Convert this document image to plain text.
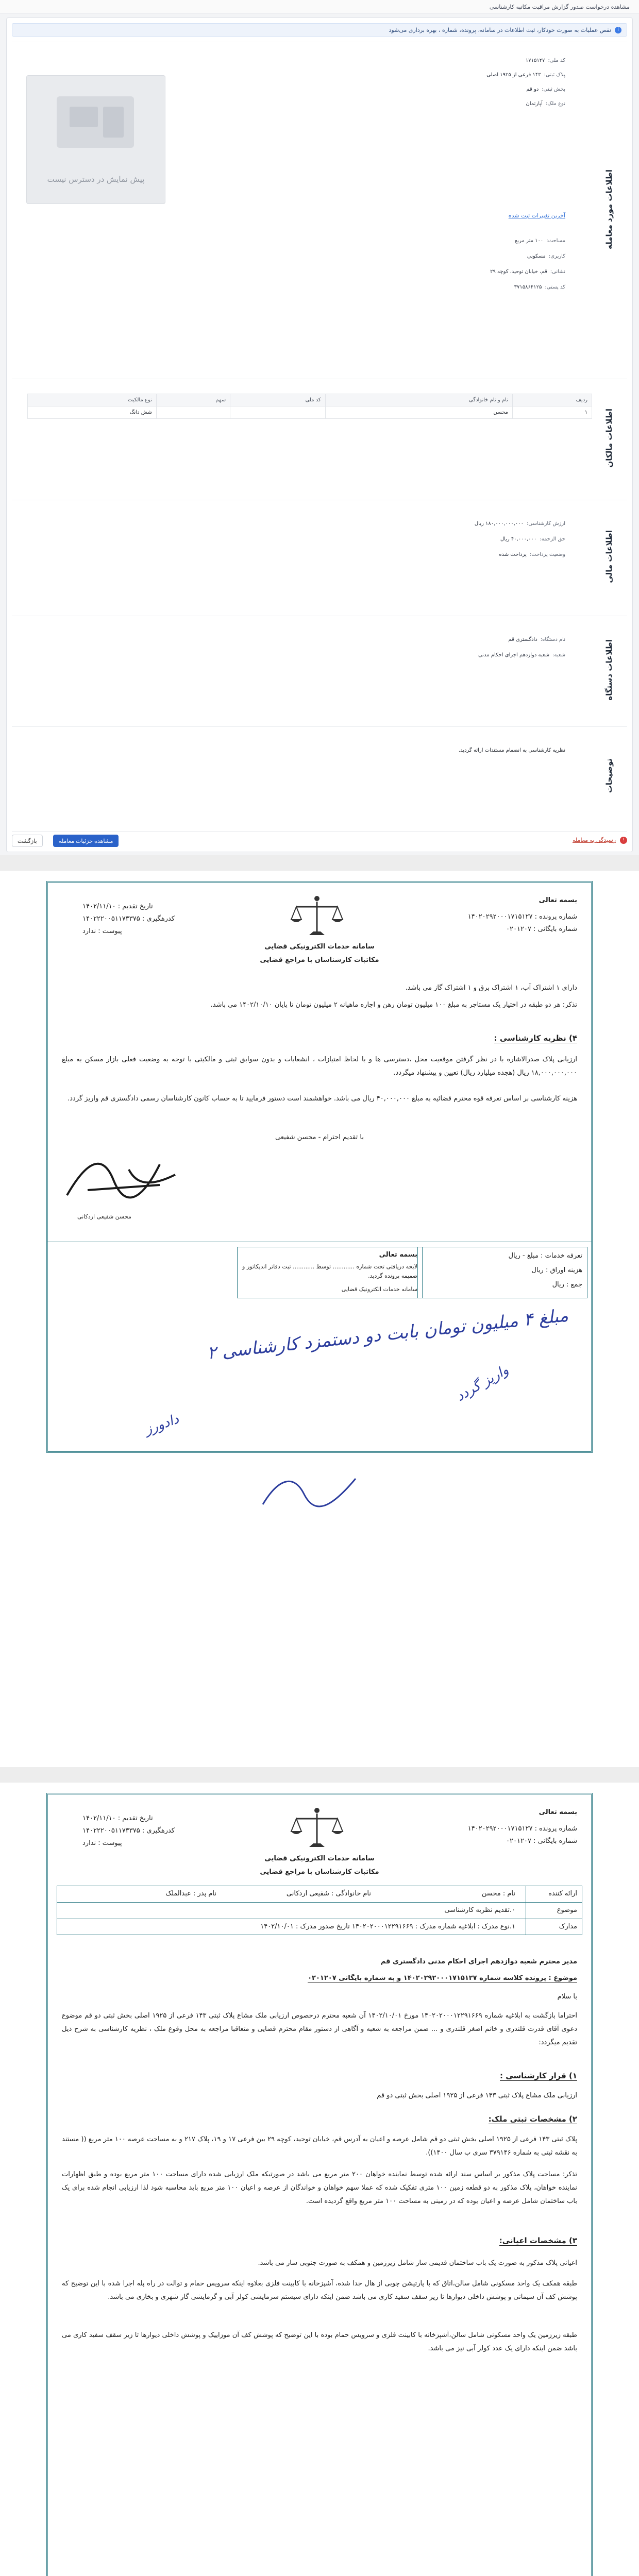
مشاهده درخواست صدور گزارش مراقبت مکاتبه کارشناسی
i
نقص عملیات به صورت خودکار، ثبت اطلاعات در سامانه، پرونده، شماره ، بهره برداری می‌شود
اطلاعات مورد معامله
کد ملی:۱۷۱۵۱۲۷
پلاک ثبتی:۱۴۳ فرعی از ۱۹۲۵ اصلی
بخش ثبتی:دو قم
نوع ملک:آپارتمان
پیش نمایش در دسترس نیست
آخرین تغییرات ثبت شده
مساحت:۱۰۰ متر مربع
کاربری:مسکونی
نشانی:قم، خیابان توحید، کوچه ۲۹
کد پستی:۳۷۱۵۸۶۴۱۲۵
اطلاعات مالکان
ردیف	نام و نام خانوادگی	کد ملی	سهم	نوع مالکیت
۱	محسن			شش دانگ
اطلاعات مالی
ارزش کارشناسی:۱۸۰,۰۰۰,۰۰۰,۰۰۰ ریال
حق الزحمه:۴۰,۰۰۰,۰۰۰ ریال
وضعیت پرداخت:پرداخت شده
اطلاعات دستگاه
نام دستگاه:دادگستری قم
شعبه:شعبه دوازدهم اجرای احکام مدنی
توضیحات
نظریه کارشناسی به انضمام مستندات ارائه گردید.
!
رسیدگی به معامله
مشاهده جزئیات معامله
بازگشت
بسمه تعالی
شماره پرونده : ۱۴۰۲۰۲۹۲۰۰۰۱۷۱۵۱۲۷
شماره بایگانی : ۰۲۰۱۲۰۷
سامانه خدمات الکترونیکی قضایی
مکاتبات کارشناسان با مراجع قضایی
تاریخ تقدیم : ۱۴۰۲/۱۱/۱۰
کدرهگیری : ۱۴۰۲۲۲۰۰۵۱۱۷۳۳۷۵
پیوست : ندارد
دارای ۱ اشتراک آب، ۱ اشتراک برق و ۱ اشتراک گاز می باشد.
تذکر: هر دو طبقه در اختیار یک مستاجر به مبلغ ۱۰۰ میلیون تومان رهن و اجاره ماهیانه ۲ میلیون تومان تا پایان ۱۴۰۲/۱۰/۱۰ می باشد.
۴) نظریه کارشناسی :
ارزیابی پلاک صدرالاشاره با در نظر گرفتن موقعیت محل ،دسترسی ها و با لحاظ امتیازات ، انشعابات و بدون سوابق ثبتی و مالکیتی با توجه به وضعیت فعلی بازار مسکن به مبلغ ۱۸,۰۰۰,۰۰۰,۰۰۰ ریال (هجده میلیارد ریال) تعیین و پیشنهاد میگردد.
هزینه کارشناسی بر اساس تعرفه قوه محترم قضائیه به مبلغ ۴۰,۰۰۰,۰۰۰ ریال می باشد. خواهشمند است دستور فرمایید تا به حساب کانون کارشناسان رسمی دادگستری قم واریز گردد.
با تقدیم احترام - محسن شفیعی
محسن شفیعی اردکانی
تعرفه خدمات : مبلغ - ریال
هزینه اوراق : ریال
جمع : ریال
بسمه تعالی
لایحه دریافتی تحت شماره ............ توسط ............ ثبت دفاتر اندیکاتور و ضمیمه پرونده گردید.
سامانه خدمات الکترونیک قضایی
مبلغ ۴ میلیون تومان بابت دو دستمزد کارشناسی ۲
واریز گردد
دادورز
بسمه تعالی
شماره پرونده : ۱۴۰۲۰۲۹۲۰۰۰۱۷۱۵۱۲۷
شماره بایگانی : ۰۲۰۱۲۰۷
سامانه خدمات الکترونیکی قضایی
مکاتبات کارشناسان با مراجع قضایی
تاریخ تقدیم : ۱۴۰۲/۱۱/۱۰
کدرهگیری : ۱۴۰۲۲۲۰۰۵۱۱۷۳۳۷۵
پیوست : ندارد
ارائه کننده
نام : محسن
نام خانوادگی : شفیعی اردکانی
نام پدر : عبدالملک
موضوع
۰.تقدیم نظریه کارشناسی
مدارک
۱.نوع مدرک : ابلاغیه شماره مدرک : ۱۴۰۲۰۲۰۰۰۱۲۲۹۱۶۶۹ تاریخ صدور مدرک : ۱۴۰۲/۱۰/۰۱
مدیر محترم شعبه دوازدهم اجرای احکام مدنی دادگستری قم
موضوع : پرونده کلاسه شماره ۱۴۰۲۰۲۹۲۰۰۰۱۷۱۵۱۲۷ و به شماره بایگانی ۰۲۰۱۲۰۷
با سلام
احتراما بازگشت به ابلاغیه شماره ۱۴۰۲۰۲۰۰۰۱۲۲۹۱۶۶۹ مورخ ۱۴۰۲/۱۰/۰۱ آن شعبه محترم درخصوص ارزیابی ملک مشاع پلاک ثبتی ۱۴۳ فرعی از ۱۹۲۵ اصلی بخش ثبتی دو قم موضوع دعوی آقای قدرت قلندری و خانم اصغر قلندری و ... ضمن مراجعه به شعبه و آگاهی از دستور مقام محترم قضایی و متعاقبا مراجعه به محل وقوع ملک ، نظریه کارشناسی به شرح ذیل تقدیم میگردد:
۱) قرار کارشناسی :
ارزیابی ملک مشاع پلاک ثبتی ۱۴۳ فرعی از ۱۹۲۵ اصلی بخش ثبتی دو قم
۲) مشخصات ثبتی ملک:
پلاک ثبتی ۱۴۳ فرعی از ۱۹۲۵ اصلی بخش ثبتی دو قم شامل عرصه و اعیان به آدرس قم، خیابان توحید، کوچه ۲۹ بین فرعی ۱۷ و ۱۹، پلاک ۲۱۷ و به مساحت عرصه ۱۰۰ متر مربع (( مستند به نقشه ثبتی به شماره ۳۷۹۱۴۶ سری ب سال ۱۴۰۰)).
تذکر: مساحت پلاک مذکور بر اساس سند ارائه شده توسط نماینده خواهان ۲۰۰ متر مربع می باشد در صورتیکه ملک ارزیابی شده دارای مساحت ۱۰۰ متر مربع بوده و طبق اظهارات نماینده خواهان، پلاک مذکور به دو قطعه زمین ۱۰۰ متری تفکیک شده که عملا سهم خواهان و خواندگان از عرصه و اعیان ۱۰۰ متر مربع باید محاسبه شود لذا ارزیابی انجام شده برای یک باب ساختمان شامل عرصه و اعیان بوده که در زمینی به مساحت ۱۰۰ متر مربع واقع گردیده است.
۳) مشخصات اعیانی:
اعیانی پلاک مذکور به صورت یک باب ساختمان قدیمی ساز شامل زیرزمین و همکف به صورت جنوبی ساز می باشد.
طبقه همکف یک واحد مسکونی شامل سالن،اتاق که با پارتیشن چوبی از هال جدا شده، آشپزخانه با کابینت فلزی بعلاوه اینکه سرویس حمام و توالت در راه پله اجرا شده با این توضیح که پوشش کف آن سیمانی و پوشش داخلی دیوارها تا زیر سقف سفید کاری می باشد ضمن اینکه دارای سیستم سرمایشی کولر آبی و گرمایشی گاز شهری و بخاری می باشد.
طبقه زیرزمین یک واحد مسکونی شامل سالن،آشپزخانه با کابینت فلزی و سرویس حمام بوده با این توضیح که پوشش کف آن موزاییک و پوشش داخلی دیوارها تا زیر سقف سفید کاری می باشد ضمن اینکه دارای یک عدد کولر آبی نیز می باشد.
